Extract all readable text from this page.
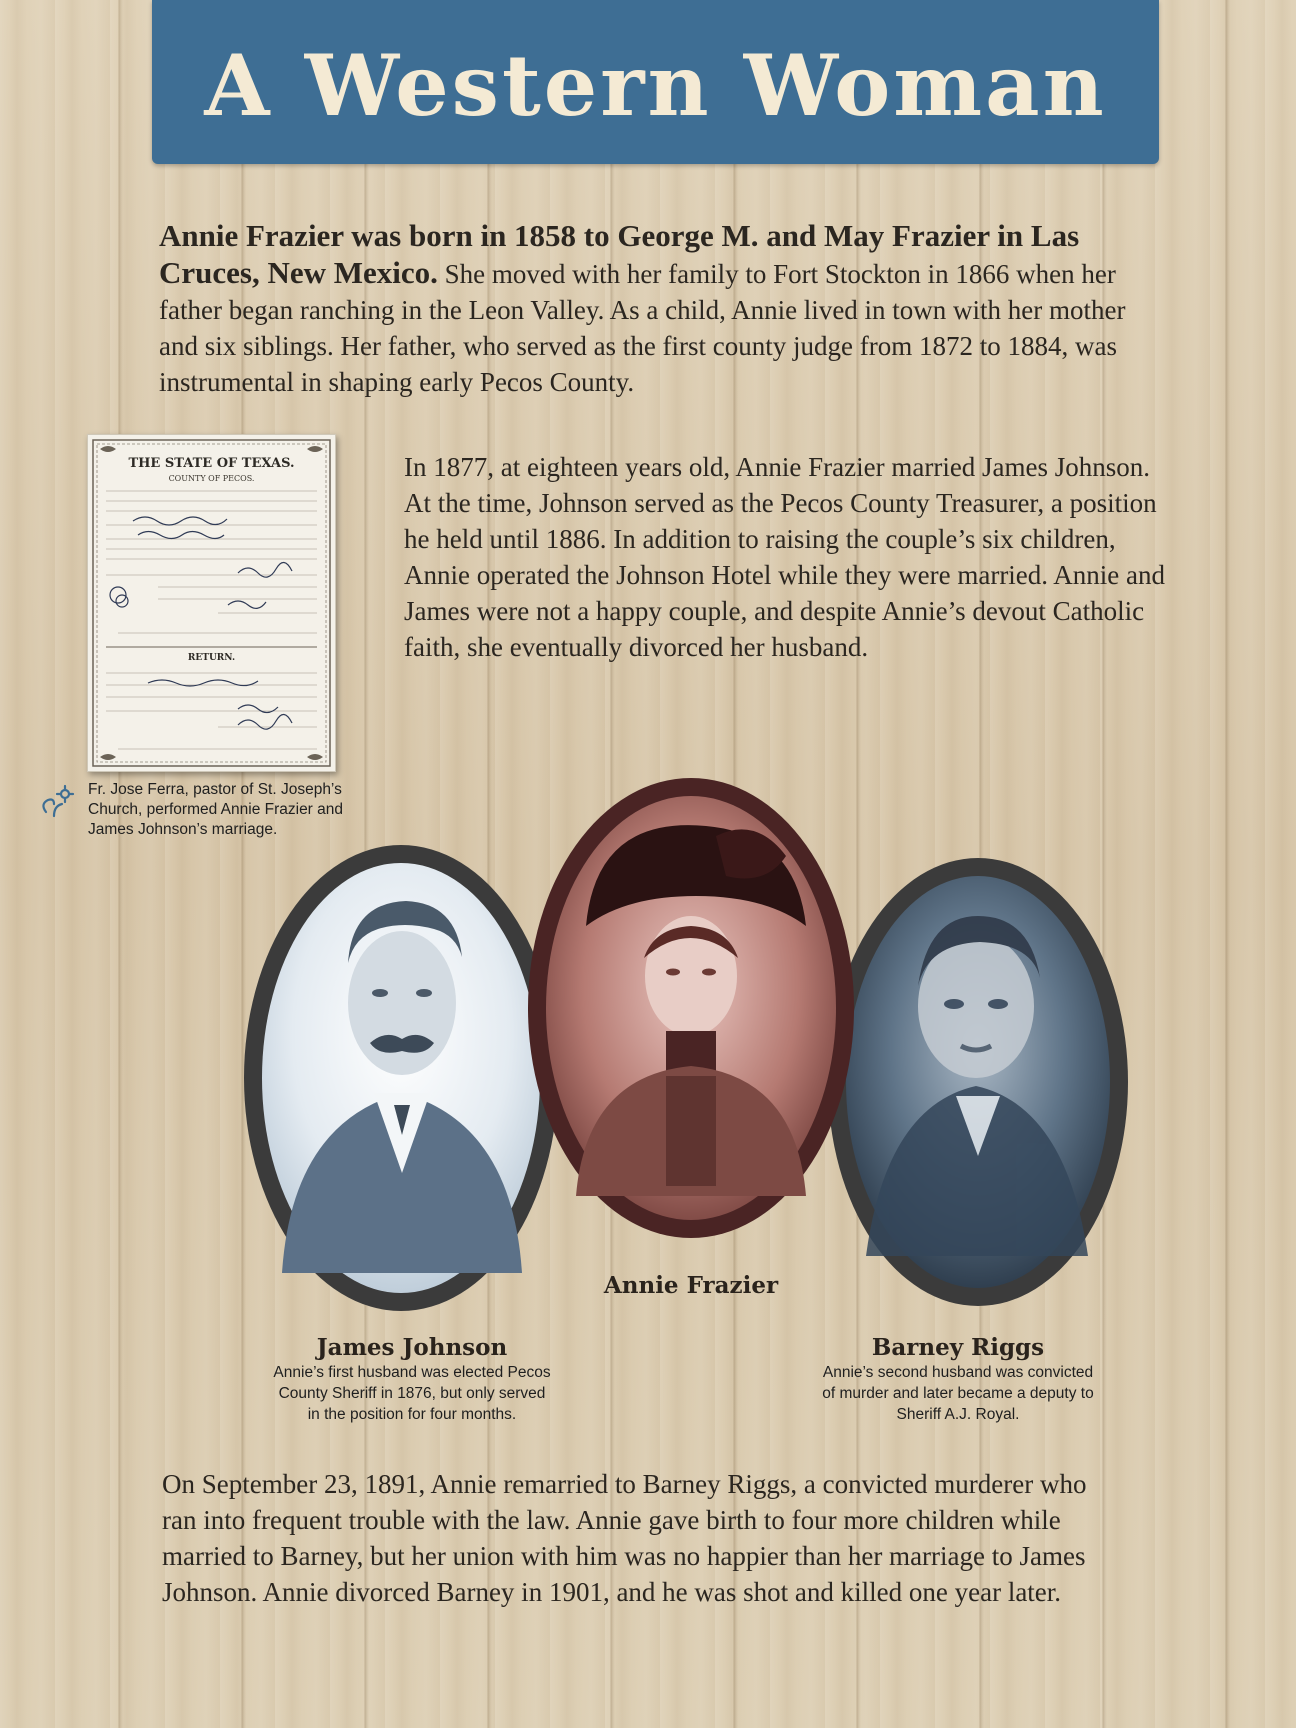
A Western Woman

Annie Frazier was born in 1858 to George M. and May Frazier in Las Cruces, New Mexico. She moved with her family to Fort Stockton in 1866 when her father began ranching in the Leon Valley. As a child, Annie lived in town with her mother and six siblings. Her father, who served as the first county judge from 1872 to 1884, was instrumental in shaping early Pecos County.

THE STATE OF TEXAS.
COUNTY OF PECOS.
RETURN.

In 1877, at eighteen years old, Annie Frazier married James Johnson. At the time, Johnson served as the Pecos County Treasurer, a position he held until 1886. In addition to raising the couple’s six children, Annie operated the Johnson Hotel while they were married. Annie and James were not a happy couple, and despite Annie’s devout Catholic faith, she eventually divorced her husband.

Fr. Jose Ferra, pastor of St. Joseph’s Church, performed Annie Frazier and James Johnson’s marriage.

Annie Frazier

James Johnson

Annie’s first husband was elected Pecos County Sheriff in 1876, but only served in the position for four months.

Barney Riggs

Annie’s second husband was convicted of murder and later became a deputy to Sheriff A.J. Royal.

On September 23, 1891, Annie remarried to Barney Riggs, a convicted murderer who ran into frequent trouble with the law. Annie gave birth to four more children while married to Barney, but her union with him was no happier than her marriage to James Johnson. Annie divorced Barney in 1901, and he was shot and killed one year later.
